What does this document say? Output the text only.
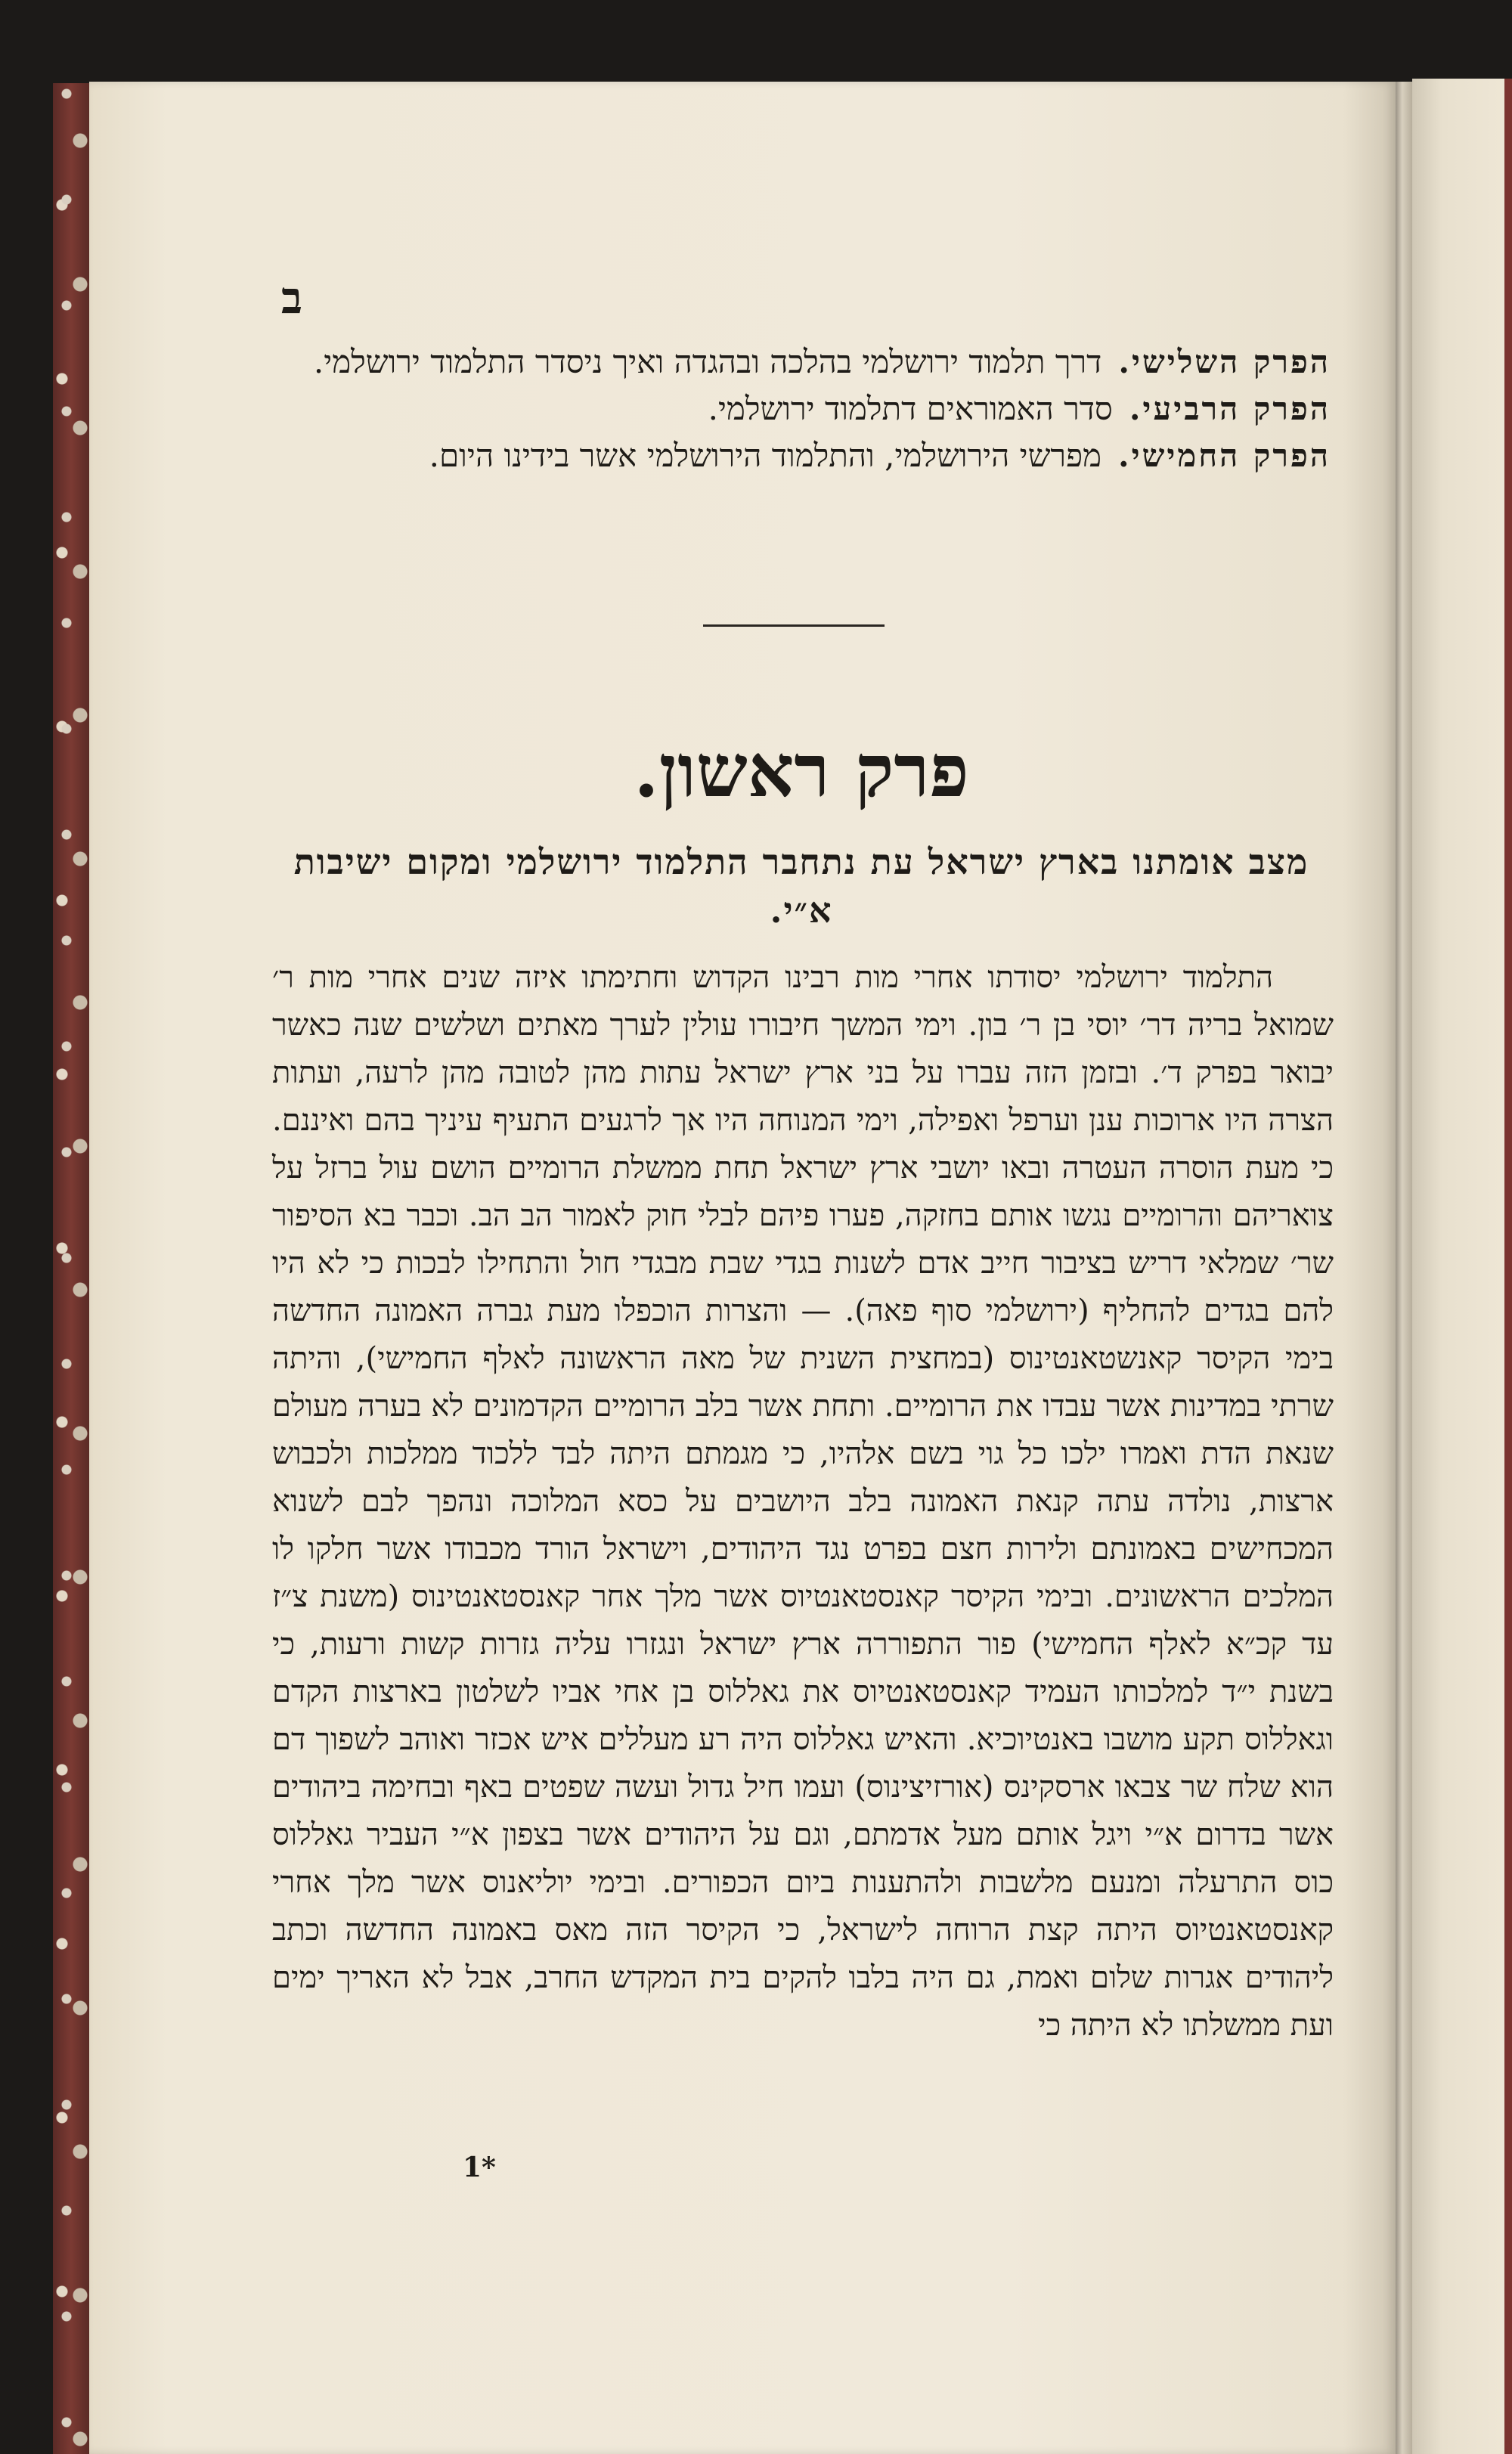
ב

הפרק השלישי.דרך תלמוד ירושלמי בהלכה ובהגדה ואיך ניסדר התלמוד ירושלמי.

הפרק הרביעי.סדר האמוראים דתלמוד ירושלמי.

הפרק החמישי.מפרשי הירושלמי, והתלמוד הירושלמי אשר בידינו היום.

פרק ראשון.
מצב אומתנו בארץ ישראל עת נתחבר התלמוד ירושלמי ומקום ישיבות א״י.
התלמוד ירושלמי יסודתו אחרי מות רבינו הקדוש וחתימתו איזה שנים אחרי מות ר׳ שמואל בריה דר׳ יוסי בן ר׳ בון. וימי המשך חיבורו עולין לערך מאתים ושלשים שנה כאשר יבואר בפרק ד׳. ובזמן הזה עברו על בני ארץ ישראל עתות מהן לטובה מהן לרעה, ועתות הצרה היו ארוכות ענן וערפל ואפילה, וימי המנוחה היו אך לרגעים התעיף עיניך בהם ואיננם. כי מעת הוסרה העטרה ובאו יושבי ארץ ישראל תחת ממשלת הרומיים הושם עול ברזל על צואריהם והרומיים נגשו אותם בחזקה, פערו פיהם לבלי חוק לאמור הב הב. וכבר בא הסיפור שר׳ שמלאי דריש בציבור חייב אדם לשנות בגדי שבת מבגדי חול והתחילו לבכות כי לא היו להם בגדים להחליף (ירושלמי סוף פאה). — והצרות הוכפלו מעת גברה האמונה החדשה בימי הקיסר קאנשטאנטינוס (במחצית השנית של מאה הראשונה לאלף החמישי), והיתה שרתי במדינות אשר עבדו את הרומיים. ותחת אשר בלב הרומיים הקדמונים לא בערה מעולם שנאת הדת ואמרו ילכו כל גוי בשם אלהיו, כי מגמתם היתה לבד ללכוד ממלכות ולכבוש ארצות, נולדה עתה קנאת האמונה בלב היושבים על כסא המלוכה ונהפך לבם לשנוא המכחישים באמונתם ולירות חצם בפרט נגד היהודים, וישראל הורד מכבודו אשר חלקו לו המלכים הראשונים. ובימי הקיסר קאנסטאנטיוס אשר מלך אחר קאנסטאנטינוס (משנת צ״ז עד קכ״א לאלף החמישי) פור התפוררה ארץ ישראל ונגזרו עליה גזרות קשות ורעות, כי בשנת י״ד למלכותו העמיד קאנסטאנטיוס את גאללוס בן אחי אביו לשלטון בארצות הקדם וגאללוס תקע מושבו באנטיוכיא. והאיש גאללוס היה רע מעללים איש אכזר ואוהב לשפוך דם הוא שלח שר צבאו ארסקינס (אורזיצינוס) ועמו חיל גדול ועשה שפטים באף ובחימה ביהודים אשר בדרום א״י ויגל אותם מעל אדמתם, וגם על היהודים אשר בצפון א״י העביר גאללוס כוס התרעלה ומנעם מלשבות ולהתענות ביום הכפורים. ובימי יוליאנוס אשר מלך אחרי קאנסטאנטיוס היתה קצת הרוחה לישראל, כי הקיסר הזה מאס באמונה החדשה וכתב ליהודים אגרות שלום ואמת, גם היה בלבו להקים בית המקדש החרב, אבל לא האריך ימים ועת ממשלתו לא היתה כי
1*
